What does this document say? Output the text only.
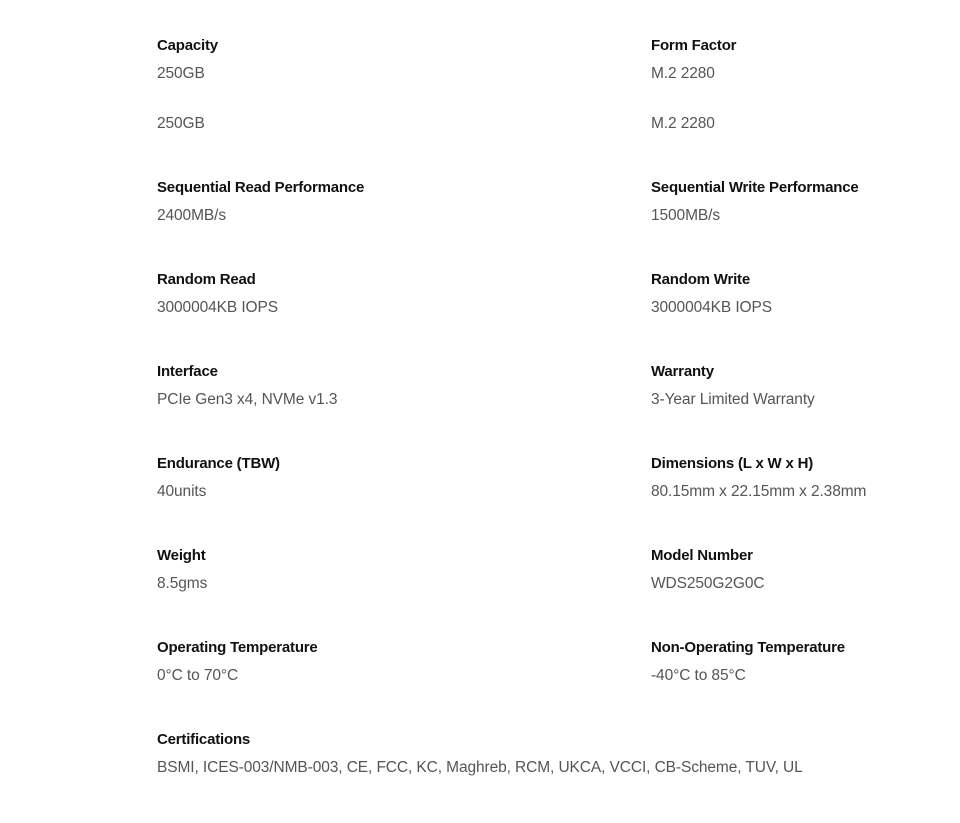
Capacity
250GB
250GB
Form Factor
M.2 2280
M.2 2280
Sequential Read Performance
2400MB/s
Sequential Write Performance
1500MB/s
Random Read
3000004KB IOPS
Random Write
3000004KB IOPS
Interface
PCIe Gen3 x4, NVMe v1.3
Warranty
3-Year Limited Warranty
Endurance (TBW)
40units
Dimensions (L x W x H)
80.15mm x 22.15mm x 2.38mm
Weight
8.5gms
Model Number
WDS250G2G0C
Operating Temperature
0°C to 70°C
Non-Operating Temperature
-40°C to 85°C
Certifications
BSMI, ICES-003/NMB-003, CE, FCC, KC, Maghreb, RCM, UKCA, VCCI, CB-Scheme, TUV, UL
